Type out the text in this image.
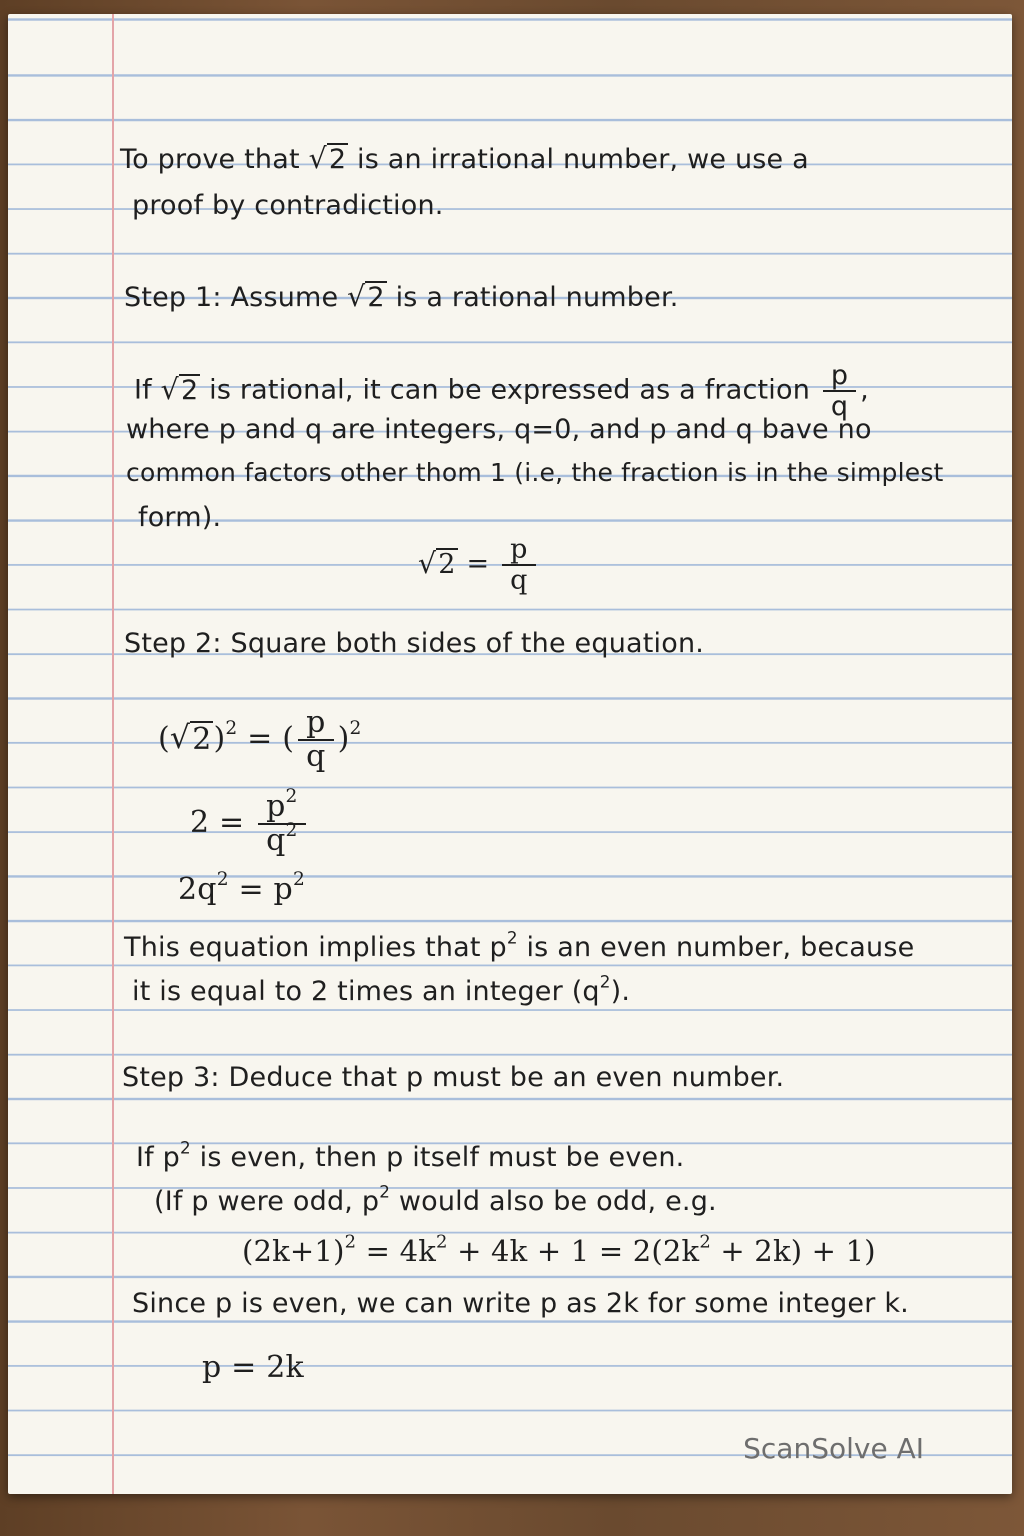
To prove that √ 2 is an irrational number, we use a
proof by contradiction.
Step 1: Assume √ 2 is a rational number.
If √ 2 is rational, it can be expressed as a fraction $\frac{p}{q}$ ,
where p and q are integers, q=0, and p and q bave no
common factors other thom 1 (i.e, the fraction is in the simplest
form).
√ $2 = \frac{p}{q}$
Step 2: Square both sides of the equation.
( √ 2 )$^2$ = ( $\frac{p}{q} )^2$
$2 = \frac{p^2}{q^2}$
$2q^2 = p^2$
This equation implies that $p^2$ is an even number, because
it is equal to 2 times an integer $(q^2)$.
Step 3: Deduce that p must be an even number.
If $p^2$ is even, then p itself must be even.
(If p were odd, $p^2$ would also be odd, e.g.
$(2k+1)^2 = 4k^2 + 4k + 1 = 2(2k^2 + 2k) + 1$)
Since p is even, we can write p as 2k for some integer k.
p = 2k
ScanSolve AI
